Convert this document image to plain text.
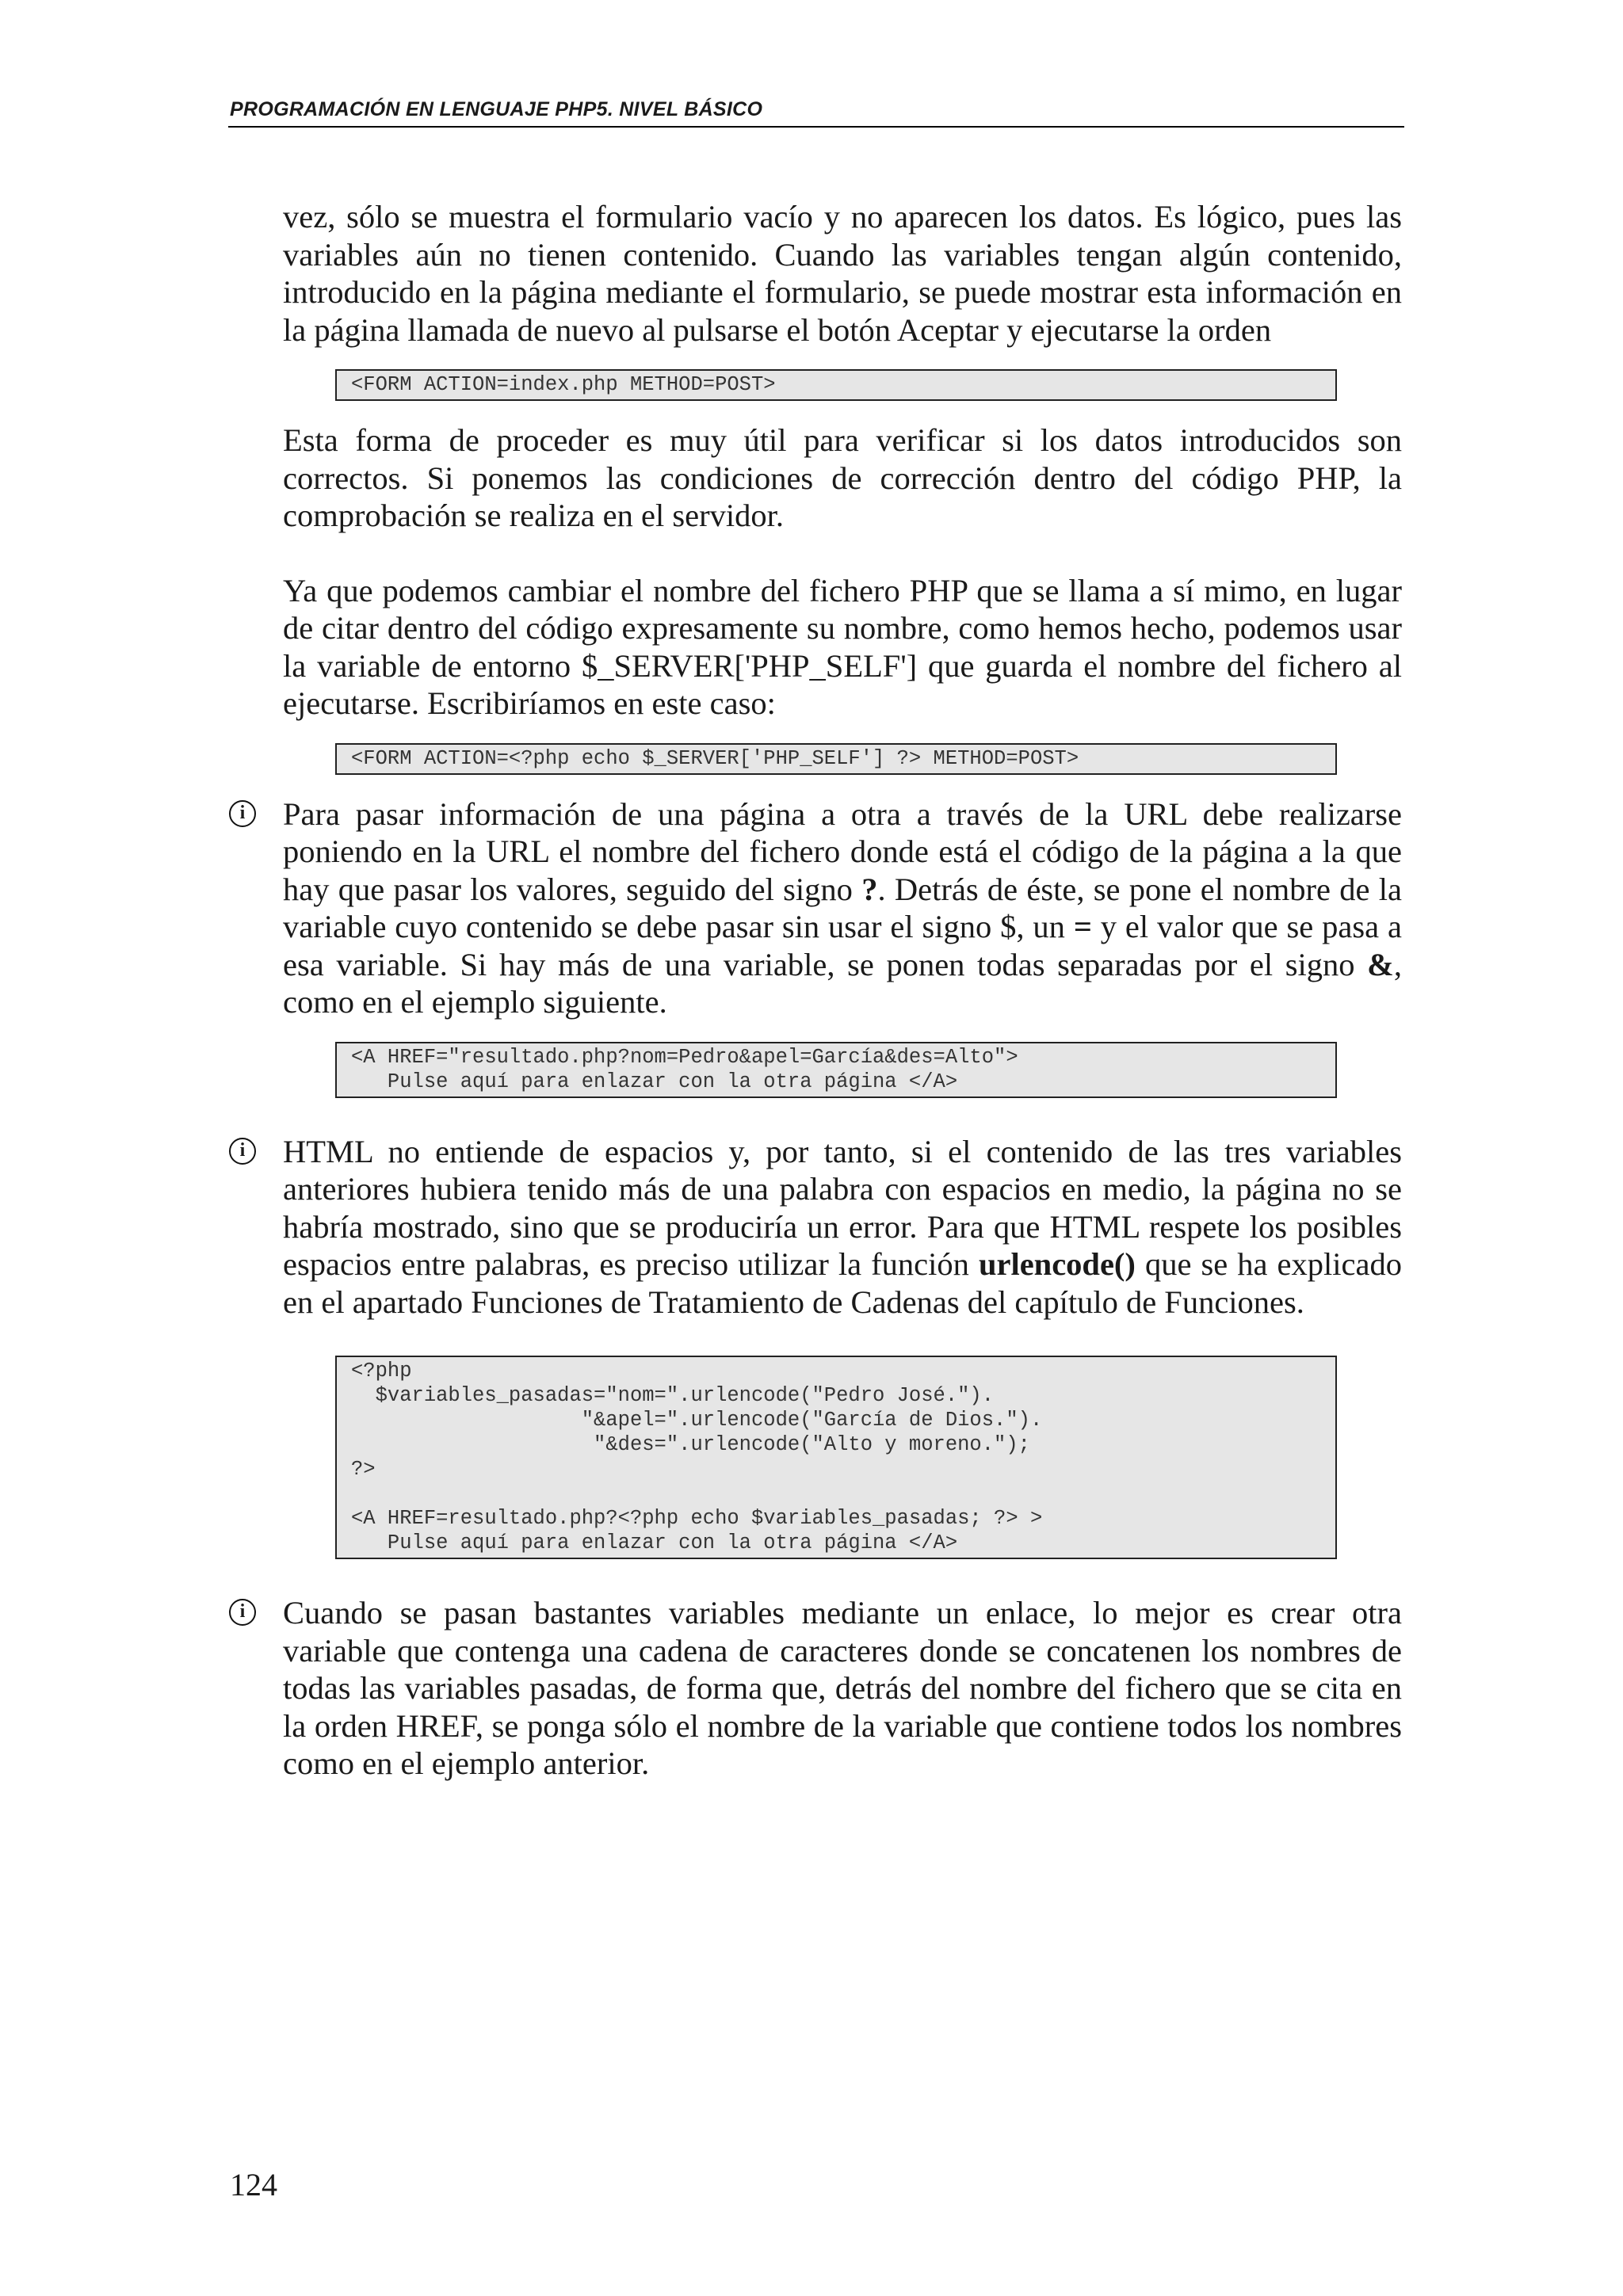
PROGRAMACIÓN EN LENGUAJE PHP5. NIVEL BÁSICO

vez, sólo se muestra el formulario vacío y no aparecen los datos. Es lógico, pues las variables aún no tienen contenido. Cuando las variables tengan algún contenido, introducido en la página mediante el formulario, se puede mostrar esta información en la página llamada de nuevo al pulsarse el botón Aceptar y ejecutarse la orden

<FORM ACTION=index.php METHOD=POST>

Esta forma de proceder es muy útil para verificar si los datos introducidos son correctos. Si ponemos las condiciones de corrección dentro del código PHP, la comprobación se realiza en el servidor.

Ya que podemos cambiar el nombre del fichero PHP que se llama a sí mimo, en lugar de citar dentro del código expresamente su nombre, como hemos hecho, podemos usar la variable de entorno $_SERVER['PHP_SELF'] que guarda el nombre del fichero al ejecutarse. Escribiríamos en este caso:

<FORM ACTION=<?php echo $_SERVER['PHP_SELF'] ?> METHOD=POST>

i	Para pasar información de una página a otra a través de la URL debe realizarse poniendo en la URL el nombre del fichero donde está el código de la página a la que hay que pasar los valores, seguido del signo ?. Detrás de éste, se pone el nombre de la variable cuyo contenido se debe pasar sin usar el signo $, un = y el valor que se pasa a esa variable. Si hay más de una variable, se ponen todas separadas por el signo &, como en el ejemplo siguiente.

<A HREF="resultado.php?nom=Pedro&apel=García&des=Alto">
Pulse aquí para enlazar con la otra página </A>

i	HTML no entiende de espacios y, por tanto, si el contenido de las tres variables anteriores hubiera tenido más de una palabra con espacios en medio, la página no se habría mostrado, sino que se produciría un error. Para que HTML respete los posibles espacios entre palabras, es preciso utilizar la función urlencode() que se ha explicado en el apartado Funciones de Tratamiento de Cadenas del capítulo de Funciones.

<?php
$variables_pasadas="nom=".urlencode("Pedro José.").
"&apel=".urlencode("García de Dios.").
"&des=".urlencode("Alto y moreno.");
?>

<A HREF=resultado.php?<?php echo $variables_pasadas; ?> >
Pulse aquí para enlazar con la otra página </A>

i	Cuando se pasan bastantes variables mediante un enlace, lo mejor es crear otra variable que contenga una cadena de caracteres donde se concatenen los nombres de todas las variables pasadas, de forma que, detrás del nombre del fichero que se cita en la orden HREF, se ponga sólo el nombre de la variable que contiene todos los nombres como en el ejemplo anterior.

124
